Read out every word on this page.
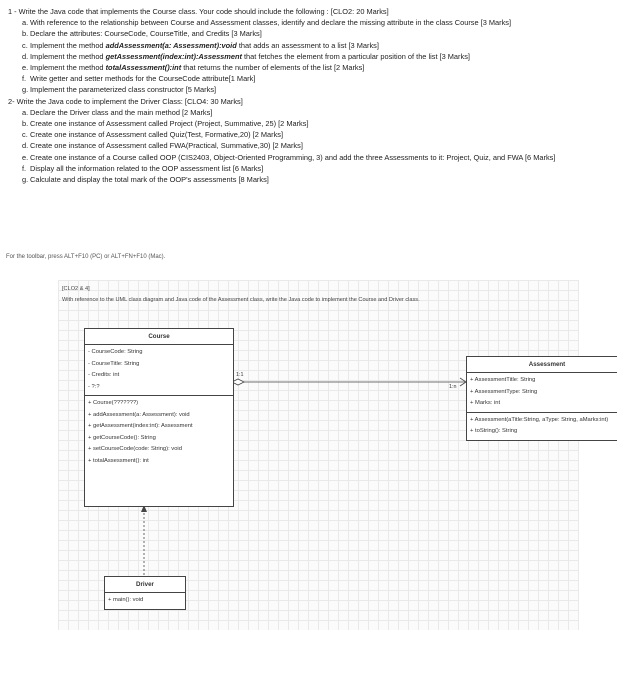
1 - Write the Java code that implements the Course class. Your code should include the following : [CLO2: 20 Marks]
a. With reference to the relationship between Course and Assessment classes, identify and declare the missing attribute in the class Course [3 Marks]
b. Declare the attributes: CourseCode, CourseTitle, and Credits [3 Marks]
c. Implement the method addAssessment(a: Assessment):void that adds an assessment to a list [3 Marks]
d. Implement the method getAssessment(index:int):Assessment that fetches the element from a particular position of the list [3 Marks]
e. Implement the method totalAssessment():int that returns the number of elements of the list [2 Marks]
f. Write getter and setter methods for the CourseCode attribute[1 Mark]
g. Implement the parameterized class constructor [5 Marks]
2- Write the Java code to implement the Driver Class: [CLO4: 30 Marks]
a. Declare the Driver class and the main method [2 Marks]
b. Create one instance of Assessment called Project (Project, Summative, 25) [2 Marks]
c. Create one instance of Assessment called Quiz(Test, Formative,20) [2 Marks]
d. Create one instance of Assessment called FWA(Practical, Summative,30) [2 Marks]
e. Create one instance of a Course called OOP (CIS2403, Object-Oriented Programming, 3) and add the three Assessments to it: Project, Quiz, and FWA [6 Marks]
f. Display all the information related to the OOP assessment list [6 Marks]
g. Calculate and display the total mark of the OOP's assessments [8 Marks]
For the toolbar, press ALT+F10 (PC) or ALT+FN+F10 (Mac).
[CLO2 & 4]
With reference to the UML class diagram and Java code of the Assessment class, write the Java code to implement the Course and Driver class.
1:1
1:n
Course
- CourseCode: String
- CourseTitle: String
- Credits: int
- ?:?
+ Course(???????)
+ addAssessment(a: Assessment): void
+ getAssessment(index:int): Assessment
+ getCourseCode(): String
+ setCourseCode(code: String): void
+ totalAssessment(): int
Assessment
+ AssessmentTitle: String
+ AssessmentType: String
+ Marks: int
+ Assessment(aTitle:String, aType: String, aMarks:int)
+ toString(): String
Driver
+ main(): void
